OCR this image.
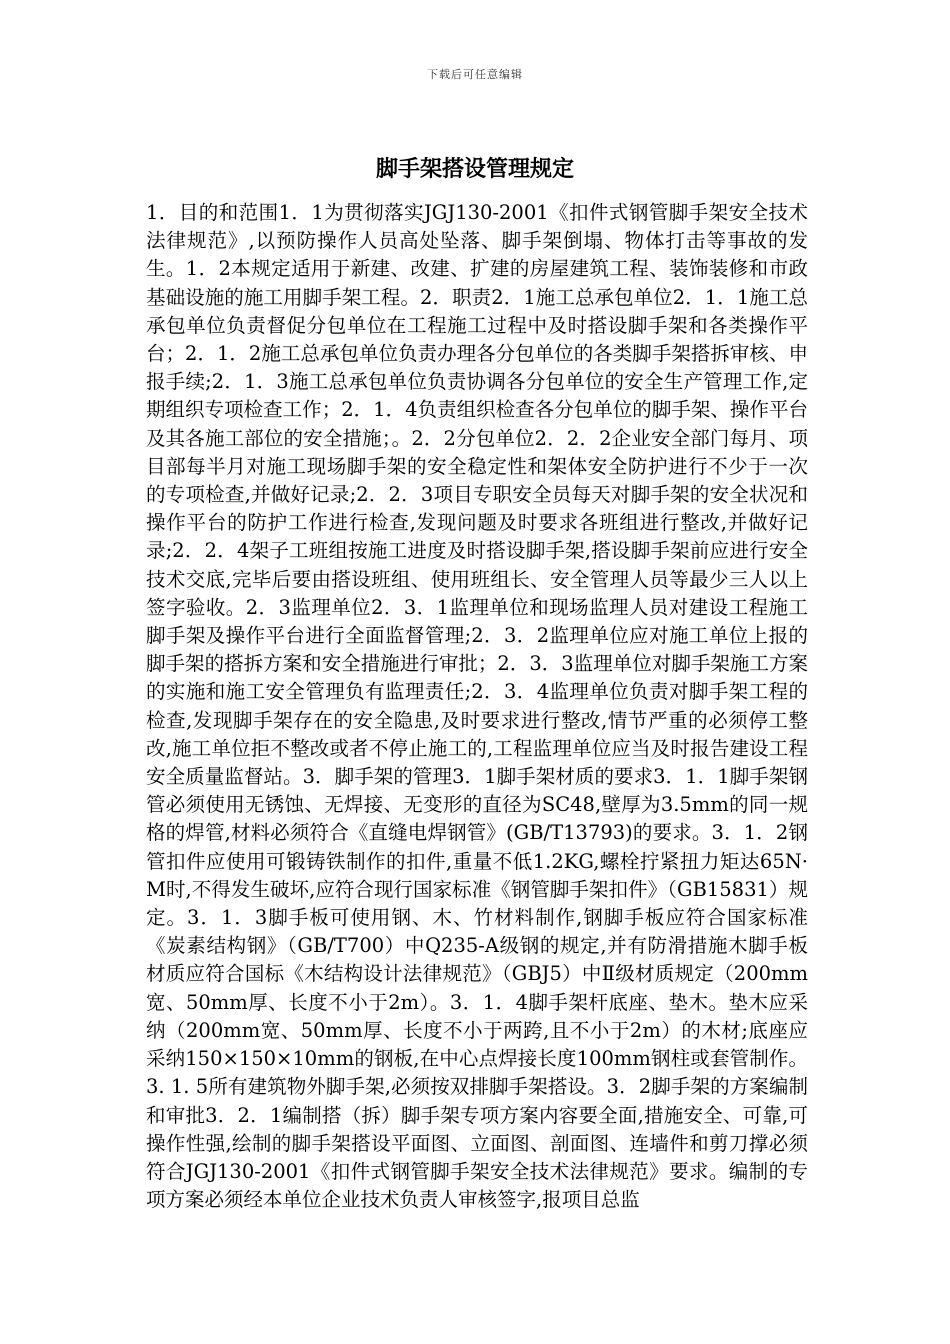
下载后可任意编辑
脚手架搭设管理规定

1．目的和范围1．1为贯彻落实JGJ130-2001《扣件式钢管脚手架安全技术法律规范》,以预防操作人员高处坠落、脚手架倒塌、物体打击等事故的发生。1．2本规定适用于新建、改建、扩建的房屋建筑工程、装饰装修和市政基础设施的施工用脚手架工程。2．职责2．1施工总承包单位2．1．1施工总承包单位负责督促分包单位在工程施工过程中及时搭设脚手架和各类操作平台；2．1．2施工总承包单位负责办理各分包单位的各类脚手架搭拆审核、申报手续;2．1．3施工总承包单位负责协调各分包单位的安全生产管理工作,定期组织专项检查工作；2．1．4负责组织检查各分包单位的脚手架、操作平台及其各施工部位的安全措施；。2．2分包单位2．2．2企业安全部门每月、项目部每半月对施工现场脚手架的安全稳定性和架体安全防护进行不少于一次的专项检查,并做好记录;2．2．3项目专职安全员每天对脚手架的安全状况和操作平台的防护工作进行检查,发现问题及时要求各班组进行整改,并做好记录;2．2．4架子工班组按施工进度及时搭设脚手架,搭设脚手架前应进行安全技术交底,完毕后要由搭设班组、使用班组长、安全管理人员等最少三人以上签字验收。2．3监理单位2．3．1监理单位和现场监理人员对建设工程施工脚手架及操作平台进行全面监督管理;2．3．2监理单位应对施工单位上报的脚手架的搭拆方案和安全措施进行审批；2．3．3监理单位对脚手架施工方案的实施和施工安全管理负有监理责任;2．3．4监理单位负责对脚手架工程的检查,发现脚手架存在的安全隐患,及时要求进行整改,情节严重的必须停工整改,施工单位拒不整改或者不停止施工的,工程监理单位应当及时报告建设工程安全质量监督站。3．脚手架的管理3．1脚手架材质的要求3．1．1脚手架钢管必须使用无锈蚀、无焊接、无变形的直径为SC48,壁厚为3.5mm的同一规格的焊管,材料必须符合《直缝电焊钢管》(GB/T13793)的要求。3．1．2钢管扣件应使用可锻铸铁制作的扣件,重量不低1.2KG,螺栓拧紧扭力矩达65N·M时,不得发生破坏,应符合现行国家标准《钢管脚手架扣件》（GB15831）规定。3．1．3脚手板可使用钢、木、竹材料制作,钢脚手板应符合国家标准《炭素结构钢》（GB/T700）中Q235-A级钢的规定,并有防滑措施木脚手板材质应符合国标《木结构设计法律规范》（GBJ5）中Ⅱ级材质规定（200mm宽、50mm厚、长度不小于2m）。3．1．4脚手架杆底座、垫木。垫木应采纳（200mm宽、50mm厚、长度不小于两跨,且不小于2m）的木材;底座应采纳150×150×10mm的钢板,在中心点焊接长度100mm钢柱或套管制作。3. 1. 5所有建筑物外脚手架,必须按双排脚手架搭设。3．2脚手架的方案编制和审批3．2．1编制搭（拆）脚手架专项方案内容要全面,措施安全、可靠,可操作性强,绘制的脚手架搭设平面图、立面图、剖面图、连墙件和剪刀撑必须符合JGJ130-2001《扣件式钢管脚手架安全技术法律规范》要求。编制的专项方案必须经本单位企业技术负责人审核签字,报项目总监
